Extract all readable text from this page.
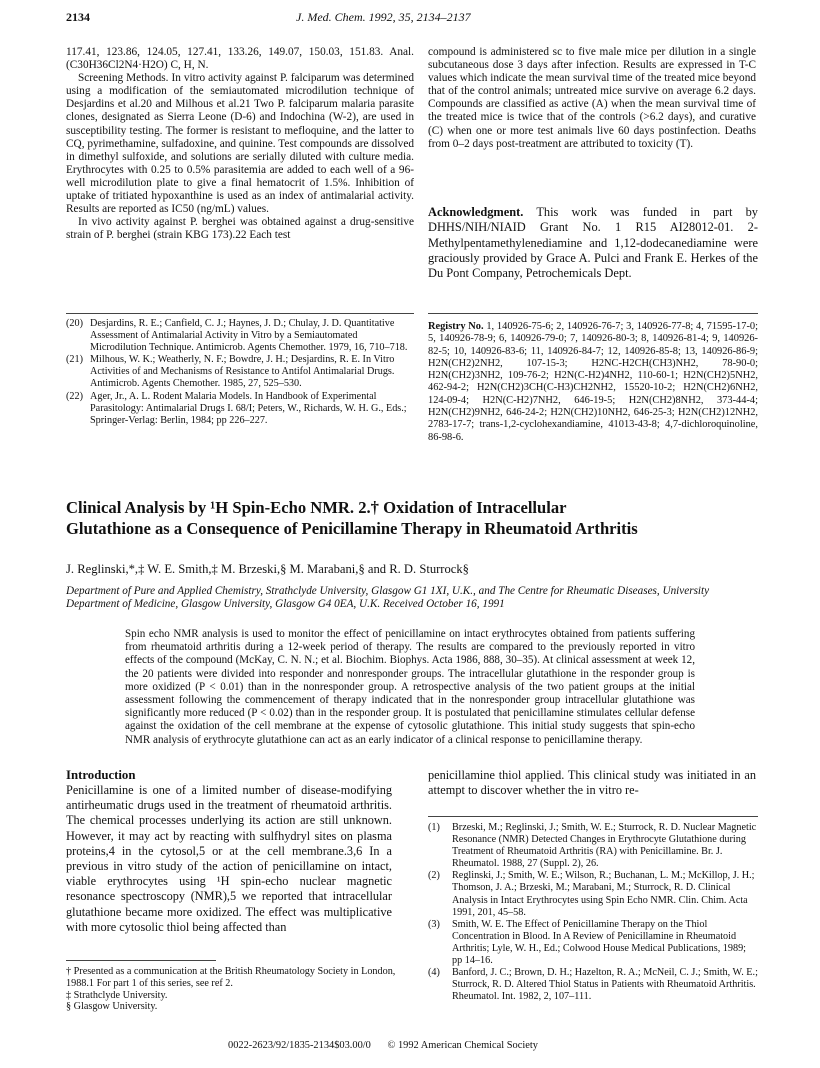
2134	J. Med. Chem. 1992, 35, 2134–2137

117.41, 123.86, 124.05, 127.41, 133.26, 149.07, 150.03, 151.83. Anal. (C30H36Cl2N4·H2O) C, H, N.

Screening Methods. In vitro activity against P. falciparum was determined using a modification of the semiautomated microdilution technique of Desjardins et al.20 and Milhous et al.21 Two P. falciparum malaria parasite clones, designated as Sierra Leone (D-6) and Indochina (W-2), are used in susceptibility testing. The former is resistant to mefloquine, and the latter to CQ, pyrimethamine, sulfadoxine, and quinine. Test compounds are dissolved in dimethyl sulfoxide, and solutions are serially diluted with culture media. Erythrocytes with 0.25 to 0.5% parasitemia are added to each well of a 96-well microdilution plate to give a final hematocrit of 1.5%. Inhibition of uptake of tritiated hypoxanthine is used as an index of antimalarial activity. Results are reported as IC50 (ng/mL) values.

In vivo activity against P. berghei was obtained against a drug-sensitive strain of P. berghei (strain KBG 173).22 Each test

compound is administered sc to five male mice per dilution in a single subcutaneous dose 3 days after infection. Results are expressed in T-C values which indicate the mean survival time of the treated mice beyond that of the control animals; untreated mice survive on average 6.2 days. Compounds are classified as active (A) when the mean survival time of the treated mice is twice that of the controls (>6.2 days), and curative (C) when one or more test animals live 60 days postinfection. Deaths from 0–2 days post-treatment are attributed to toxicity (T).

Acknowledgment. This work was funded in part by DHHS/NIH/NIAID Grant No. 1 R15 AI28012-01. 2-Methylpentamethylenediamine and 1,12-dodecanediamine were graciously provided by Grace A. Pulci and Frank E. Herkes of the Du Pont Company, Petrochemicals Dept.
(20) Desjardins, R. E.; Canfield, C. J.; Haynes, J. D.; Chulay, J. D. Quantitative Assessment of Antimalarial Activity in Vitro by a Semiautomated Microdilution Technique. Antimicrob. Agents Chemother. 1979, 16, 710–718.
(21) Milhous, W. K.; Weatherly, N. F.; Bowdre, J. H.; Desjardins, R. E. In Vitro Activities of and Mechanisms of Resistance to Antifol Antimalarial Drugs. Antimicrob. Agents Chemother. 1985, 27, 525–530.
(22) Ager, Jr., A. L. Rodent Malaria Models. In Handbook of Experimental Parasitology: Antimalarial Drugs I. 68/I; Peters, W., Richards, W. H. G., Eds.; Springer-Verlag: Berlin, 1984; pp 226–227.
Registry No. 1, 140926-75-6; 2, 140926-76-7; 3, 140926-77-8; 4, 71595-17-0; 5, 140926-78-9; 6, 140926-79-0; 7, 140926-80-3; 8, 140926-81-4; 9, 140926-82-5; 10, 140926-83-6; 11, 140926-84-7; 12, 140926-85-8; 13, 140926-86-9; H2N(CH2)2NH2, 107-15-3; H2NC-H2CH(CH3)NH2, 78-90-0; H2N(CH2)3NH2, 109-76-2; H2N(C-H2)4NH2, 110-60-1; H2N(CH2)5NH2, 462-94-2; H2N(CH2)3CH(C-H3)CH2NH2, 15520-10-2; H2N(CH2)6NH2, 124-09-4; H2N(C-H2)7NH2, 646-19-5; H2N(CH2)8NH2, 373-44-4; H2N(CH2)9NH2, 646-24-2; H2N(CH2)10NH2, 646-25-3; H2N(CH2)12NH2, 2783-17-7; trans-1,2-cyclohexandiamine, 41013-43-8; 4,7-dichloroquinoline, 86-98-6.
Clinical Analysis by ¹H Spin-Echo NMR. 2.† Oxidation of Intracellular
Glutathione as a Consequence of Penicillamine Therapy in Rheumatoid Arthritis
J. Reglinski,*,‡ W. E. Smith,‡ M. Brzeski,§ M. Marabani,§ and R. D. Sturrock§
Department of Pure and Applied Chemistry, Strathclyde University, Glasgow G1 1XI, U.K., and The Centre for Rheumatic Diseases, University Department of Medicine, Glasgow University, Glasgow G4 0EA, U.K. Received October 16, 1991
Spin echo NMR analysis is used to monitor the effect of penicillamine on intact erythrocytes obtained from patients suffering from rheumatoid arthritis during a 12-week period of therapy. The results are compared to the previously reported in vitro effects of the compound (McKay, C. N. N.; et al. Biochim. Biophys. Acta 1986, 888, 30–35). At clinical assessment at week 12, the 20 patients were divided into responder and nonresponder groups. The intracellular glutathione in the responder group is more oxidized (P < 0.01) than in the nonresponder group. A retrospective analysis of the two patient groups at the initial assessment following the commencement of therapy indicated that in the nonresponder group intracellular glutathione was significantly more reduced (P < 0.02) than in the responder group. It is postulated that penicillamine stimulates cellular defense against the oxidation of the cell membrane at the expense of cytosolic glutathione. This initial study suggests that spin-echo NMR analysis of erythrocyte glutathione can act as an early indicator of a clinical response to penicillamine therapy.
Introduction
Penicillamine is one of a limited number of disease-modifying antirheumatic drugs used in the treatment of rheumatoid arthritis. The chemical processes underlying its action are still unknown. However, it may act by reacting with sulfhydryl sites on plasma proteins,4 in the cytosol,5 or at the cell membrane.3,6 In a previous in vitro study of the action of penicillamine on intact, viable erythrocytes using ¹H spin-echo nuclear magnetic resonance spectroscopy (NMR),5 we reported that intracellular glutathione became more oxidized. The effect was multiplicative with more cytosolic thiol being affected than
penicillamine thiol applied. This clinical study was initiated in an attempt to discover whether the in vitro re-
(1)	Brzeski, M.; Reglinski, J.; Smith, W. E.; Sturrock, R. D. Nuclear Magnetic Resonance (NMR) Detected Changes in Erythrocyte Glutathione during Treatment of Rheumatoid Arthritis (RA) with Penicillamine. Br. J. Rheumatol. 1988, 27 (Suppl. 2), 26.
(2)	Reglinski, J.; Smith, W. E.; Wilson, R.; Buchanan, L. M.; McKillop, J. H.; Thomson, J. A.; Brzeski, M.; Marabani, M.; Sturrock, R. D. Clinical Analysis in Intact Erythrocytes using Spin Echo NMR. Clin. Chim. Acta 1991, 201, 45–58.
(3)	Smith, W. E. The Effect of Penicillamine Therapy on the Thiol Concentration in Blood. In A Review of Penicillamine in Rheumatoid Arthritis; Lyle, W. H., Ed.; Colwood House Medical Publications, 1989; pp 14–16.
(4)	Banford, J. C.; Brown, D. H.; Hazelton, R. A.; McNeil, C. J.; Smith, W. E.; Sturrock, R. D. Altered Thiol Status in Patients with Rheumatoid Arthritis. Rheumatol. Int. 1982, 2, 107–111.
† Presented as a communication at the British Rheumatology Society in London, 1988.1 For part 1 of this series, see ref 2.
‡ Strathclyde University.
§ Glasgow University.
0022-2623/92/1835-2134$03.00/0 © 1992 American Chemical Society
